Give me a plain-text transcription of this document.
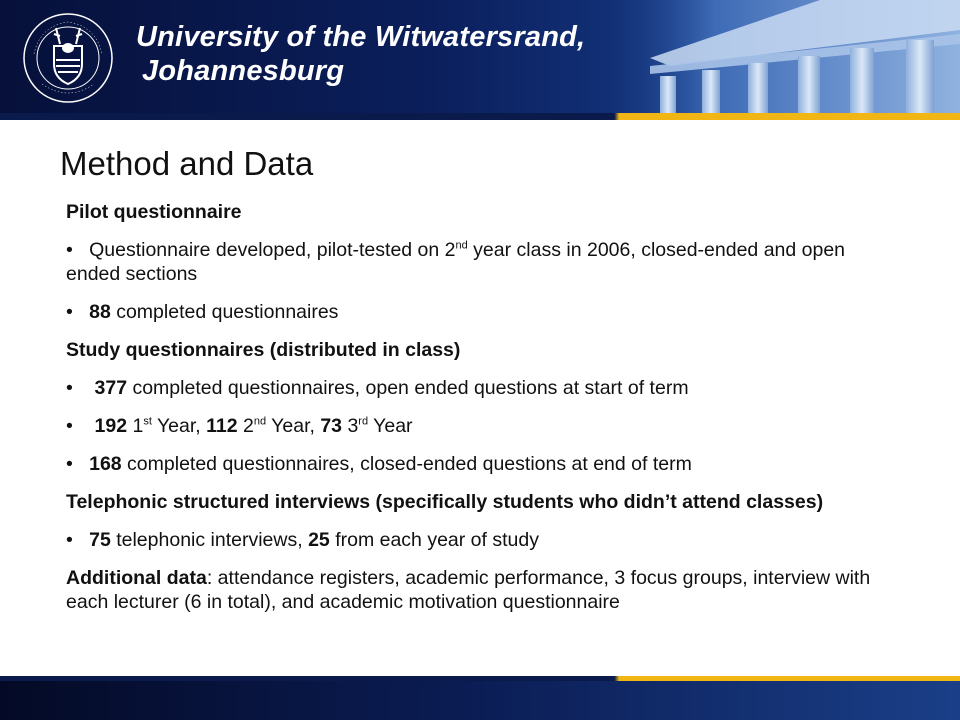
University of the Witwatersrand,
Johannesburg
Method and Data

Pilot questionnaire

•   Questionnaire developed, pilot-tested on 2nd year class in 2006, closed-ended and open ended sections

•   88 completed questionnaires

Study questionnaires (distributed in class)

•    377 completed questionnaires, open ended questions at start of term

•    192 1st Year, 112 2nd Year, 73 3rd Year

•   168 completed questionnaires, closed-ended questions at end of term

Telephonic structured interviews (specifically students who didn’t attend classes)

•   75 telephonic interviews, 25 from each year of study

Additional data: attendance registers, academic performance, 3 focus groups, interview with each lecturer (6 in total), and academic motivation questionnaire
